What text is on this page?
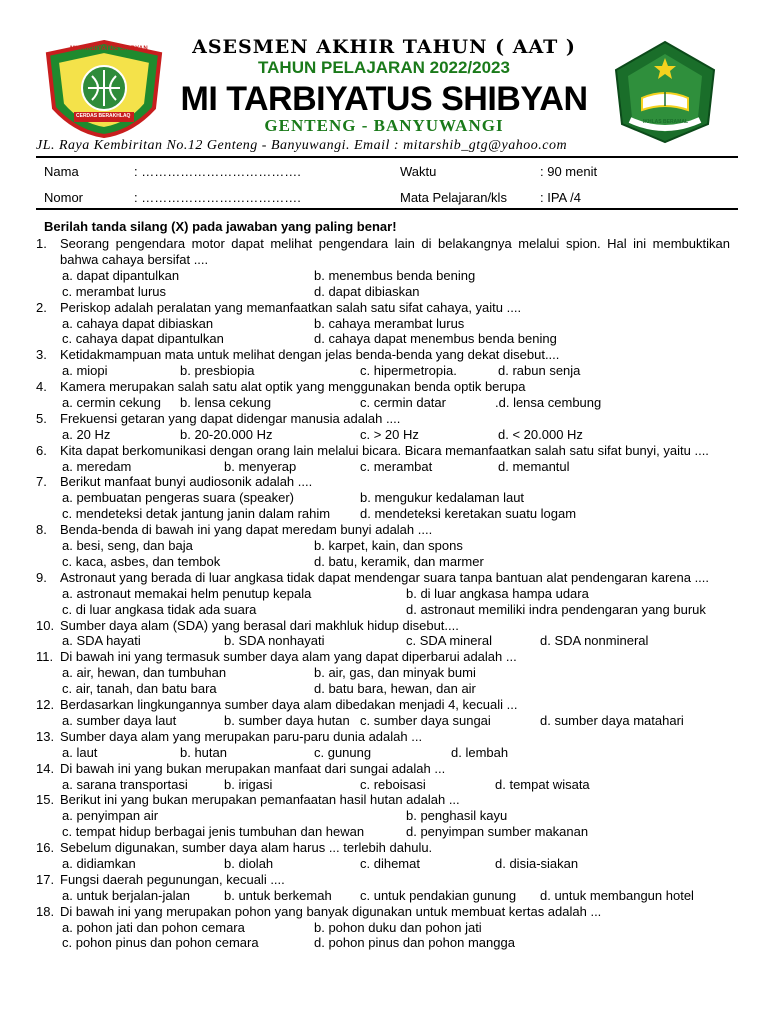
MI TARBIYATUS SHIBYAN
CERDAS BERAKHLAQ
ASESMEN AKHIR TAHUN ( AAT )
TAHUN PELAJARAN 2022/2023
MI TARBIYATUS SHIBYAN
GENTENG - BANYUWANGI	IKHLAS BERAMAL
JL. Raya Kembiritan No.12 Genteng - Banyuwangi. Email : mitarshib_gtg@yahoo.com
Nama	: ……………………………….
Nomor	: ……………………………….
Waktu	: 90 menit
Mata Pelajaran/kls	: IPA /4
Berilah tanda silang (X) pada jawaban yang paling benar!
1.	Seorang pengendara motor dapat melihat pengendara lain di belakangnya melalui spion. Hal ini membuktikan bahwa cahaya bersifat ....
a. dapat dipantulkan	b. menembus benda bening
c. merambat lurus	d. dapat dibiaskan
2.	Periskop adalah peralatan yang memanfaatkan salah satu sifat cahaya, yaitu ....
a. cahaya dapat dibiaskan	b. cahaya merambat lurus
c. cahaya dapat dipantulkan	d. cahaya dapat menembus benda bening
3.	Ketidakmampuan mata untuk melihat dengan jelas benda-benda yang dekat disebut....
a. miopi	b. presbiopia	c. hipermetropia.	d. rabun senja
4.	Kamera merupakan salah satu alat optik yang menggunakan benda optik berupa
a. cermin cekung b. lensa cekung	c. cermin datar	.d. lensa cembung
5.	Frekuensi getaran yang dapat didengar manusia adalah ....
a. 20 Hz	b. 20-20.000 Hz	c. > 20 Hz	d. < 20.000 Hz
6.	Kita dapat berkomunikasi dengan orang lain melalui bicara. Bicara memanfaatkan salah satu sifat bunyi, yaitu ....
a. meredam	b. menyerap	c. merambat	d. memantul
7.	Berikut manfaat bunyi audiosonik adalah ....
a. pembuatan pengeras suara (speaker)	b. mengukur kedalaman laut
c. mendeteksi detak jantung janin dalam rahim d. mendeteksi keretakan suatu logam
8.	Benda-benda di bawah ini yang dapat meredam bunyi adalah ....
a. besi, seng, dan baja	b. karpet, kain, dan spons
c. kaca, asbes, dan tembok	d. batu, keramik, dan marmer
9.	Astronaut yang berada di luar angkasa tidak dapat mendengar suara tanpa bantuan alat pendengaran karena ....
a. astronaut memakai helm penutup kepala	b. di luar angkasa hampa udara
c. di luar angkasa tidak ada suara	d. astronaut memiliki indra pendengaran yang buruk
10. Sumber daya alam (SDA) yang berasal dari makhluk hidup disebut....
a. SDA hayati	b. SDA nonhayati	c. SDA mineral	d. SDA nonmineral
11. Di bawah ini yang termasuk sumber daya alam yang dapat diperbarui adalah ...
a. air, hewan, dan tumbuhan	b. air, gas, dan minyak bumi
c. air, tanah, dan batu bara	d. batu bara, hewan, dan air
12. Berdasarkan lingkungannya sumber daya alam dibedakan menjadi 4, kecuali ...
a. sumber daya laut	b. sumber daya hutan c. sumber daya sungai	d. sumber daya matahari
13. Sumber daya alam yang merupakan paru-paru dunia adalah ...
a. laut	b. hutan	c. gunung	d. lembah
14. Di bawah ini yang bukan merupakan manfaat dari sungai adalah ...
a. sarana transportasi	b. irigasi	c. reboisasi	d. tempat wisata
15. Berikut ini yang bukan merupakan pemanfaatan hasil hutan adalah ...
a. penyimpan air	b. penghasil kayu
c. tempat hidup berbagai jenis tumbuhan dan hewan	d. penyimpan sumber makanan
16. Sebelum digunakan, sumber daya alam harus ... terlebih dahulu.
a. didiamkan	b. diolah	c. dihemat	d. disia-siakan
17. Fungsi daerah pegunungan, kecuali ....
a. untuk berjalan-jalan	b. untuk berkemah c. untuk pendakian gunung d. untuk membangun hotel
18. Di bawah ini yang merupakan pohon yang banyak digunakan untuk membuat kertas adalah ...
a. pohon jati dan pohon cemara	b. pohon duku dan pohon jati
c. pohon pinus dan pohon cemara	d. pohon pinus dan pohon mangga
